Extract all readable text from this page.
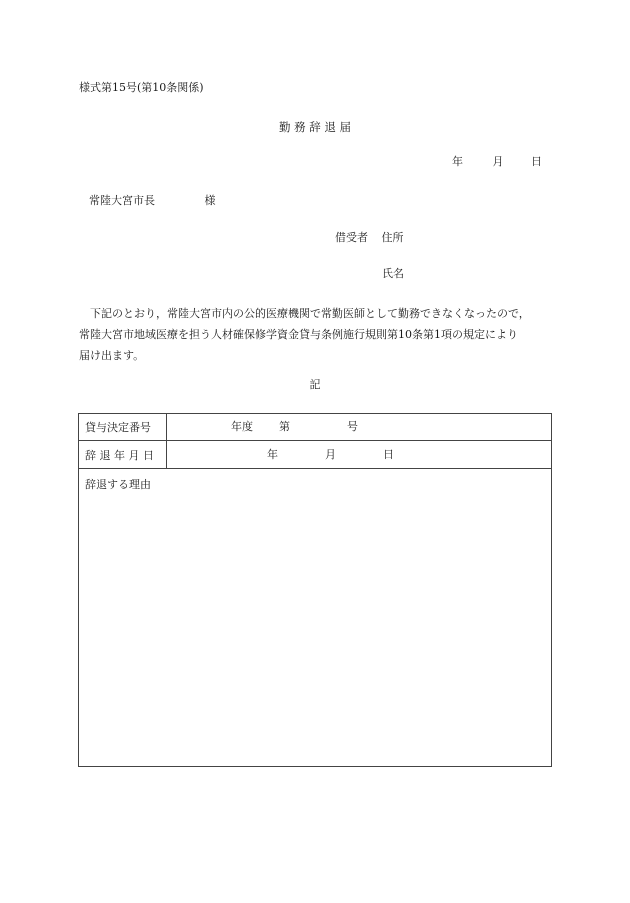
様式第15号(第10条関係)
勤 務 辞 退 届
年	月	日
常陸大宮市長	様
借受者 住所
氏名
下記のとおり，常陸大宮市内の公的医療機関で常勤医師として勤務できなくなったので，
常陸大宮市地域医療を担う人材確保修学資金貸与条例施行規則第10条第1項の規定により
届け出ます。
記
貸与決定番号	年度 第	号
辞 退 年 月 日	年	月	日
辞退する理由
